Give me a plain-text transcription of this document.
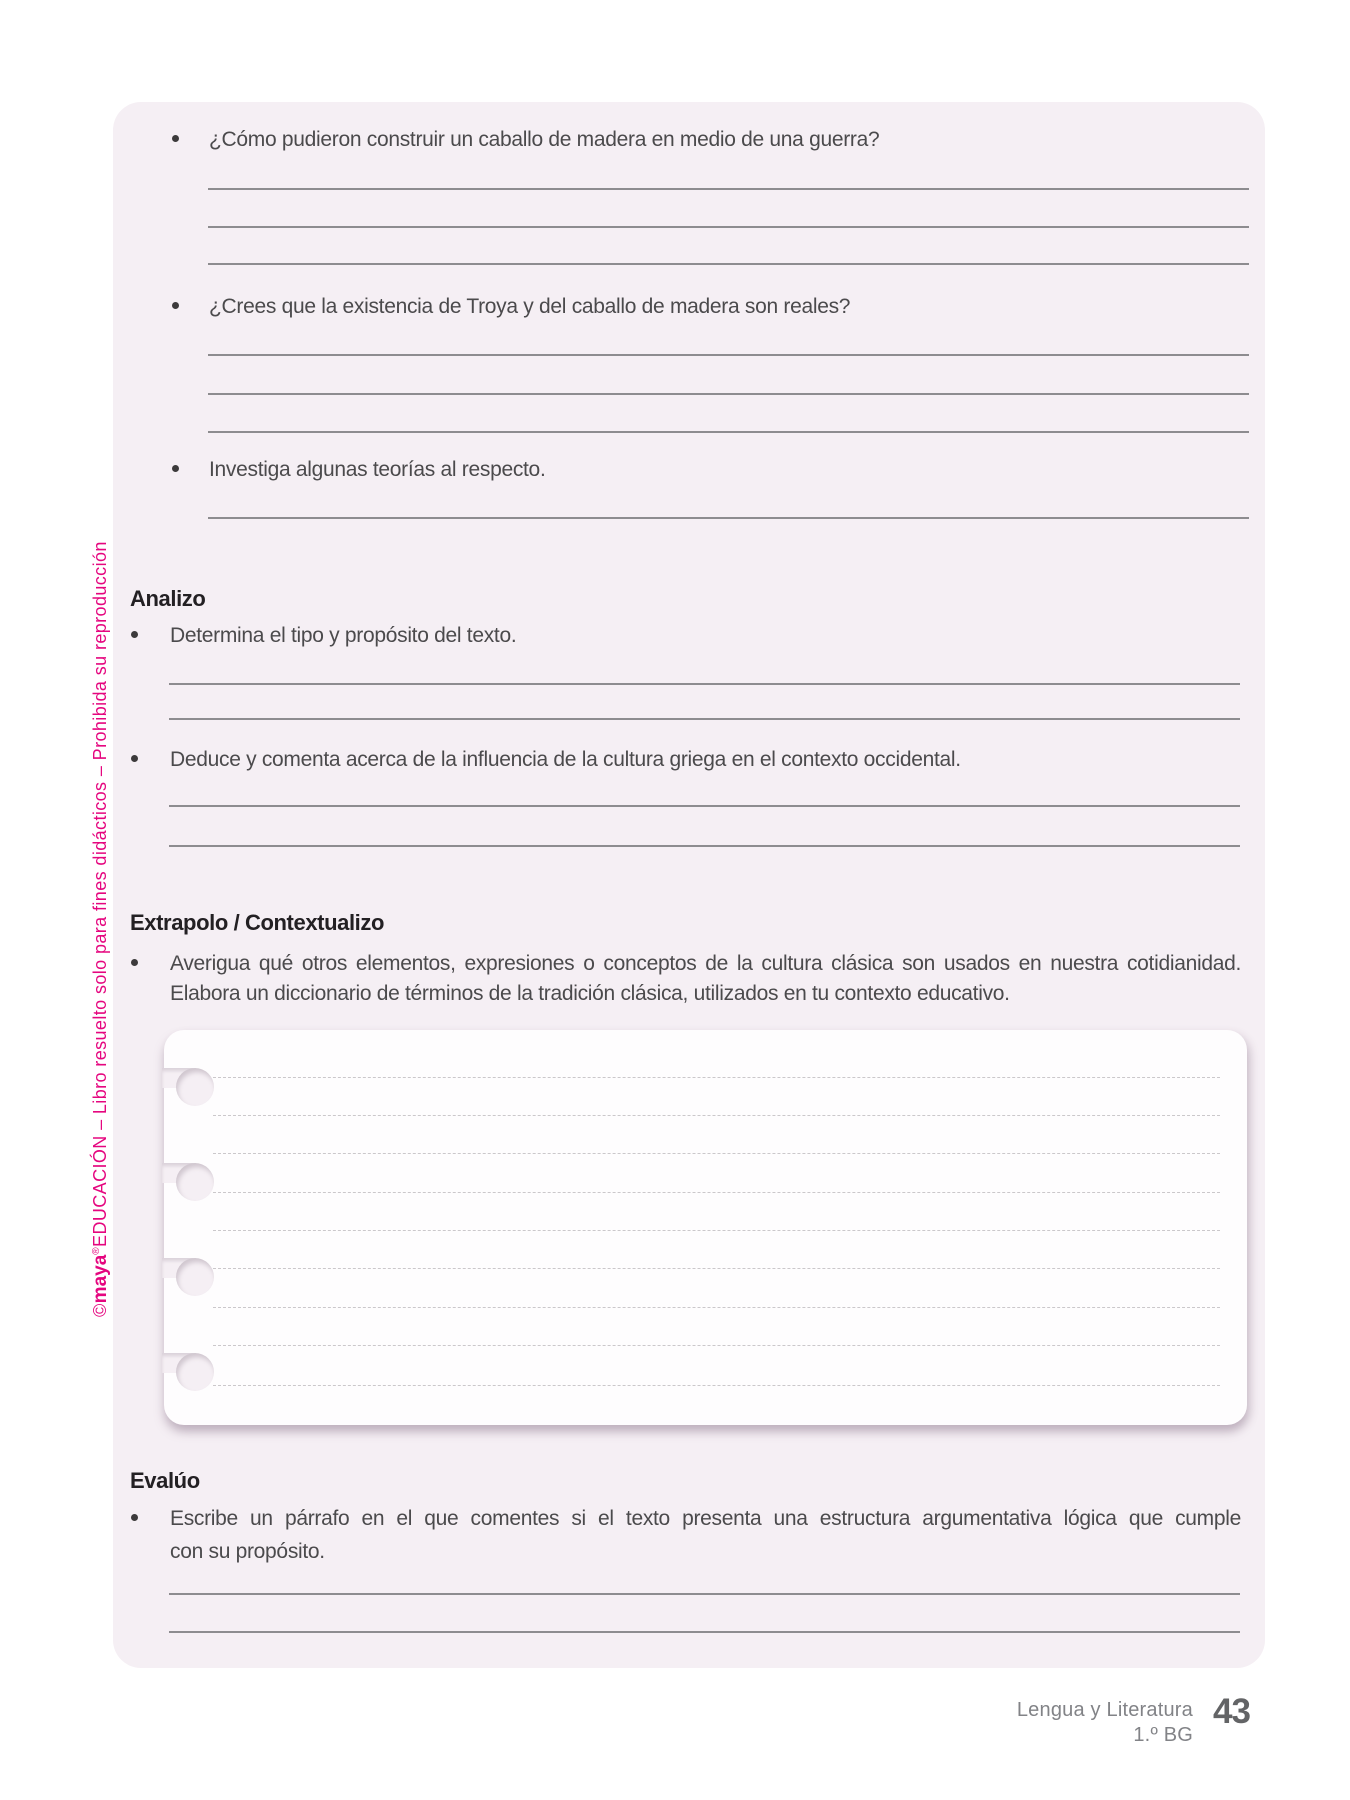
©maya®EDUCACIÓN – Libro resuelto solo para fines didácticos – Prohibida su reproducción
¿Cómo pudieron construir un caballo de madera en medio de una guerra?
¿Crees que la existencia de Troya y del caballo de madera son reales?
Investiga algunas teorías al respecto.
Analizo
Determina el tipo y propósito del texto.
Deduce y comenta acerca de la influencia de la cultura griega en el contexto occidental.
Extrapolo / Contextualizo
Averigua qué otros elementos, expresiones o conceptos de la cultura clásica son usados en nuestra cotidianidad.
Elabora un diccionario de términos de la tradición clásica, utilizados en tu contexto educativo.
Evalúo
Escribe un párrafo en el que comentes si el texto presenta una estructura argumentativa lógica que cumple
con su propósito.
Lengua y Literatura
1.º BG
43
